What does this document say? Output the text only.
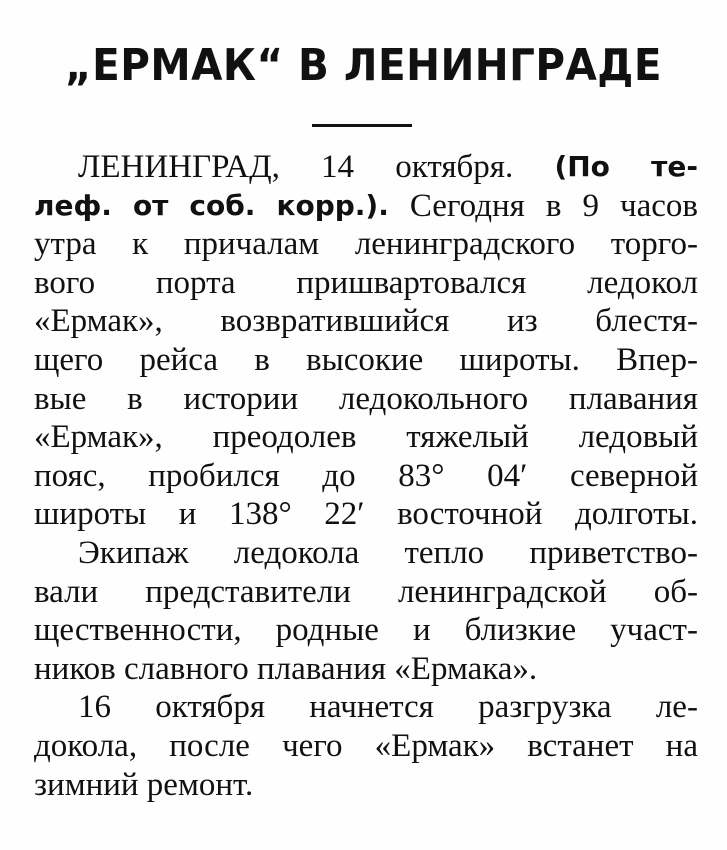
„ЕРМАК“ В ЛЕНИНГРАДЕ
ЛЕНИНГРАД, 14 октября. (По те-
леф. от соб. корр.). Сегодня в 9 часов
утра к причалам ленинградского торго-
вого порта пришвартовался ледокол
«Ермак», возвратившийся из блестя-
щего рейса в высокие широты. Впер-
вые в истории ледокольного плавания
«Ермак», преодолев тяжелый ледовый
пояс, пробился до 83° 04′ северной
широты и 138° 22′ восточной долготы.
Экипаж ледокола тепло приветство-
вали представители ленинградской об-
щественности, родные и близкие участ-
ников славного плавания «Ермака».
16 октября начнется разгрузка ле-
докола, после чего «Ермак» встанет на
зимний ремонт.
